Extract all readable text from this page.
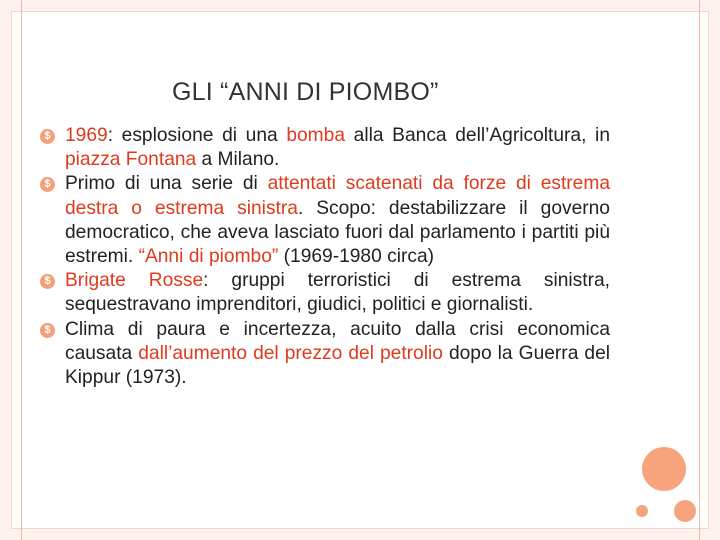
GLI “ANNI DI PIOMBO”
$ 1969: esplosione di una bomba alla Banca dell’Agricoltura, in piazza Fontana a Milano.
$ Primo di una serie di attentati scatenati da forze di estrema destra o estrema sinistra. Scopo: destabilizzare il governo democratico, che aveva lasciato fuori dal parlamento i partiti più estremi. “Anni di piombo” (1969-1980 circa)
$ Brigate Rosse: gruppi terroristici di estrema sinistra, sequestravano imprenditori, giudici, politici e giornalisti.
$ Clima di paura e incertezza, acuito dalla crisi economica causata dall’aumento del prezzo del petrolio dopo la Guerra del Kippur (1973).
